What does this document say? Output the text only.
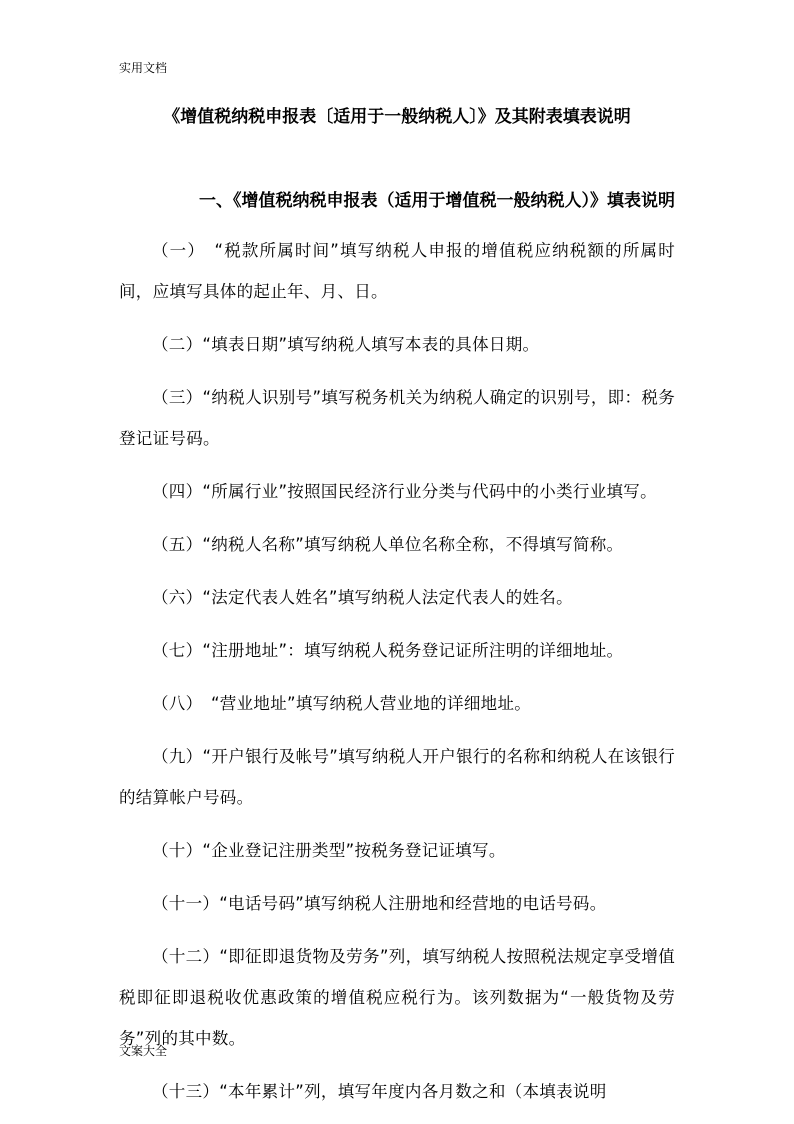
实用文档
《增值税纳税申报表〔适用于一般纳税人〕》及其附表填表说明
一、《增值税纳税申报表（适用于增值税一般纳税人）》填表说明

（一）　“税款所属时间”填写纳税人申报的增值税应纳税额的所属时间，应填写具体的起止年、月、日。

（二）“填表日期”填写纳税人填写本表的具体日期。

（三）“纳税人识别号”填写税务机关为纳税人确定的识别号，即：税务登记证号码。

（四）“所属行业”按照国民经济行业分类与代码中的小类行业填写。

（五）“纳税人名称”填写纳税人单位名称全称，不得填写简称。

（六）“法定代表人姓名”填写纳税人法定代表人的姓名。

（七）“注册地址”：填写纳税人税务登记证所注明的详细地址。

（八）　“营业地址”填写纳税人营业地的详细地址。

（九）“开户银行及帐号”填写纳税人开户银行的名称和纳税人在该银行的结算帐户号码。

（十）“企业登记注册类型”按税务登记证填写。

（十一）“电话号码”填写纳税人注册地和经营地的电话号码。

（十二）“即征即退货物及劳务”列，填写纳税人按照税法规定享受增值税即征即退税收优惠政策的增值税应税行为。该列数据为“一般货物及劳务”列的其中数。

（十三）“本年累计”列，填写年度内各月数之和（本填表说明

文案大全
